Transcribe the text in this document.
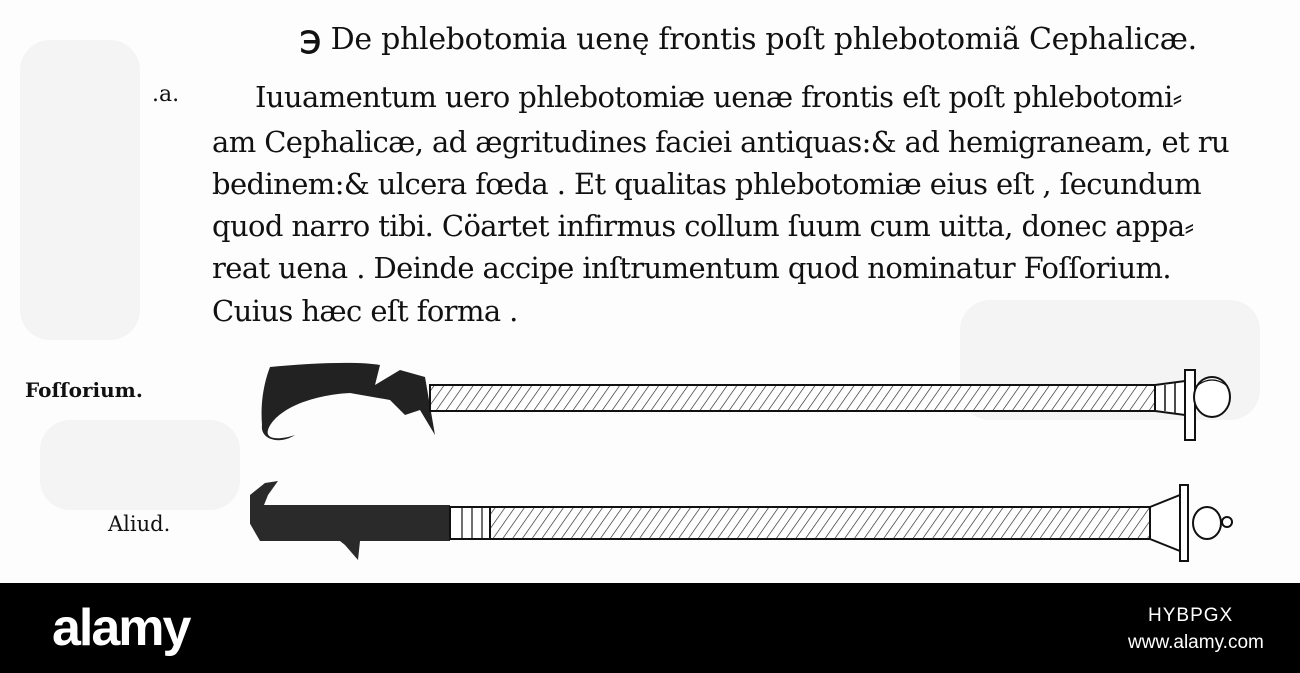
℈ De phlebotomia uenę frontis poſt phlebotomiã Cephalicæ.
.a.	Iuuamentum uero phlebotomiæ uenæ frontis eſt poſt phlebotomi⸗
am Cephalicæ, ad ægritudines faciei antiquas:& ad hemigraneam, et ru
bedinem:& ulcera fœda . Et qualitas phlebotomiæ eius eſt , ſecundum
quod narro tibi. Cöartet infirmus collum ſuum cum uitta, donec appa⸗
reat uena . Deinde accipe inſtrumentum quod nominatur Foſſorium.
Cuius hæc eſt forma .
Foſſorium.
Aliud.
alamy	HYBPGX
www.alamy.com
